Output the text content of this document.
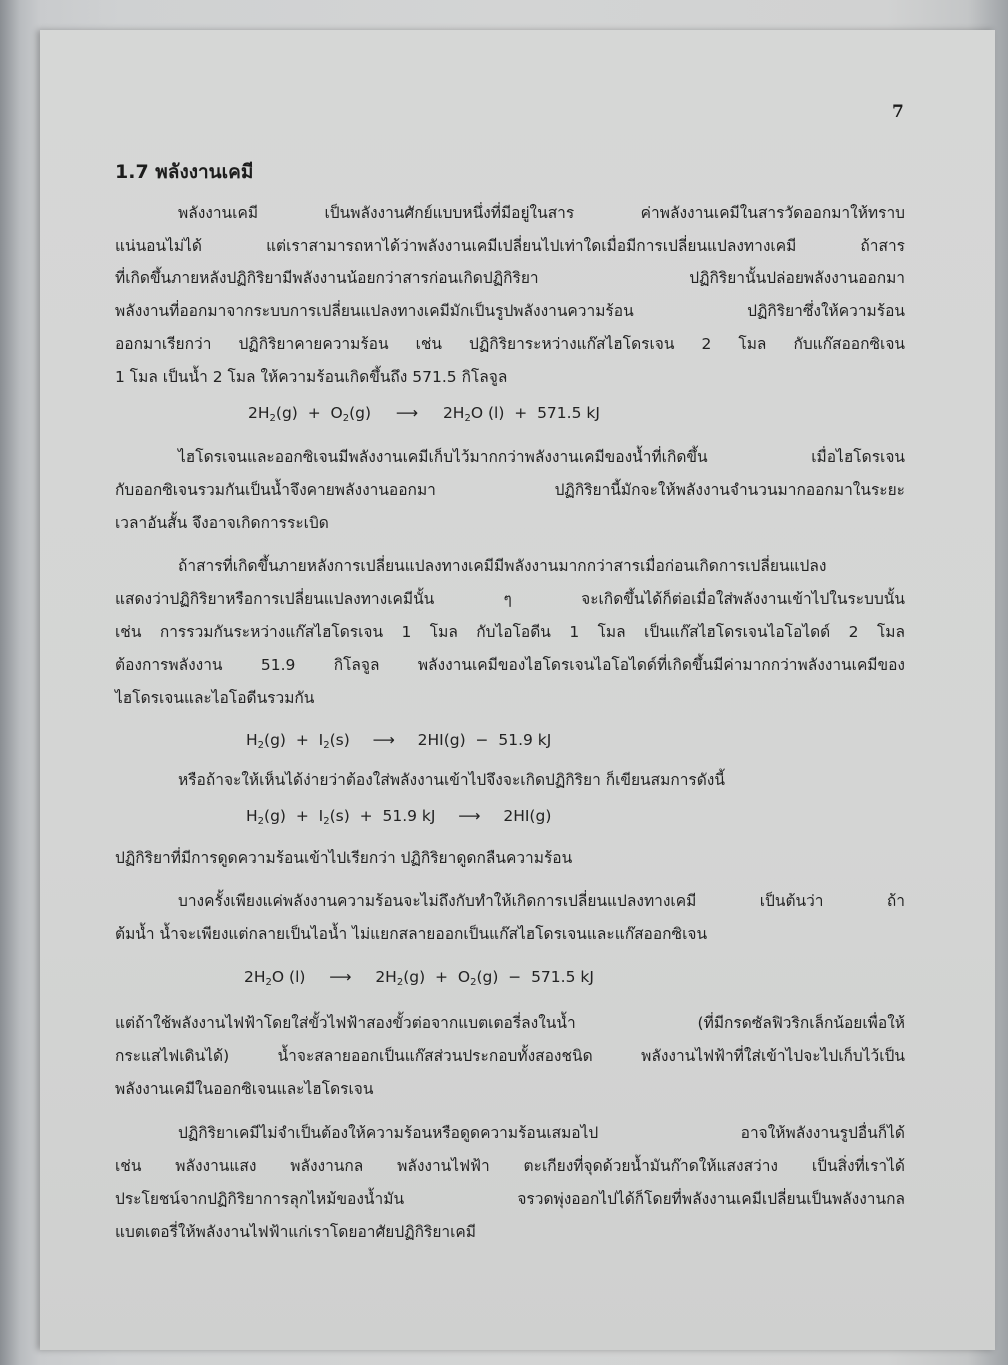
7
1.7 พลังงานเคมี

พลังงานเคมี เป็นพลังงานศักย์แบบหนึ่งที่มีอยู่ในสาร ค่าพลังงานเคมีในสารวัดออกมาให้ทราบ

แน่นอนไม่ได้ แต่เราสามารถหาได้ว่าพลังงานเคมีเปลี่ยนไปเท่าใดเมื่อมีการเปลี่ยนแปลงทางเคมี ถ้าสาร

ที่เกิดขึ้นภายหลังปฏิกิริยามีพลังงานน้อยกว่าสารก่อนเกิดปฏิกิริยา ปฏิกิริยานั้นปล่อยพลังงานออกมา

พลังงานที่ออกมาจากระบบการเปลี่ยนแปลงทางเคมีมักเป็นรูปพลังงานความร้อน ปฏิกิริยาซึ่งให้ความร้อน

ออกมาเรียกว่า ปฏิกิริยาคายความร้อน เช่น ปฏิกิริยาระหว่างแก๊สไฮโดรเจน 2 โมล กับแก๊สออกซิเจน

1 โมล เป็นน้ำ 2 โมล ให้ความร้อนเกิดขึ้นถึง 571.5 กิโลจูล

$2H_2(g) + O_2(g)$ ⟶ $2H_2O$ (l)  +  571.5 kJ

ไฮโดรเจนและออกซิเจนมีพลังงานเคมีเก็บไว้มากกว่าพลังงานเคมีของน้ำที่เกิดขึ้น เมื่อไฮโดรเจน

กับออกซิเจนรวมกันเป็นน้ำจึงคายพลังงานออกมา ปฏิกิริยานี้มักจะให้พลังงานจำนวนมากออกมาในระยะ

เวลาอันสั้น จึงอาจเกิดการระเบิด

ถ้าสารที่เกิดขึ้นภายหลังการเปลี่ยนแปลงทางเคมีมีพลังงานมากกว่าสารเมื่อก่อนเกิดการเปลี่ยนแปลง

แสดงว่าปฏิกิริยาหรือการเปลี่ยนแปลงทางเคมีนั้น ๆ จะเกิดขึ้นได้ก็ต่อเมื่อใส่พลังงานเข้าไปในระบบนั้น

เช่น การรวมกันระหว่างแก๊สไฮโดรเจน 1 โมล กับไอโอดีน 1 โมล เป็นแก๊สไฮโดรเจนไอโอไดด์ 2 โมล

ต้องการพลังงาน 51.9 กิโลจูล พลังงานเคมีของไฮโดรเจนไอโอไดด์ที่เกิดขึ้นมีค่ามากกว่าพลังงานเคมีของ

ไฮโดรเจนและไอโอดีนรวมกัน

$H_2(g) + I_2(s)$ ⟶ 2HI(g)  −  51.9 kJ

หรือถ้าจะให้เห็นได้ง่ายว่าต้องใส่พลังงานเข้าไปจึงจะเกิดปฏิกิริยา ก็เขียนสมการดังนี้

$H_2(g) + I_2(s) + 51.9$ kJ ⟶ 2HI(g)

ปฏิกิริยาที่มีการดูดความร้อนเข้าไปเรียกว่า ปฏิกิริยาดูดกลืนความร้อน

บางครั้งเพียงแค่พลังงานความร้อนจะไม่ถึงกับทำให้เกิดการเปลี่ยนแปลงทางเคมี เป็นต้นว่า ถ้า

ต้มน้ำ น้ำจะเพียงแต่กลายเป็นไอน้ำ ไม่แยกสลายออกเป็นแก๊สไฮโดรเจนและแก๊สออกซิเจน

$2H_2O$ (l) ⟶ $2H_2(g) + O_2(g) - 571.5$ kJ

แต่ถ้าใช้พลังงานไฟฟ้าโดยใส่ขั้วไฟฟ้าสองขั้วต่อจากแบตเตอรี่ลงในน้ำ (ที่มีกรดซัลฟิวริกเล็กน้อยเพื่อให้

กระแสไฟเดินได้) น้ำจะสลายออกเป็นแก๊สส่วนประกอบทั้งสองชนิด พลังงานไฟฟ้าที่ใส่เข้าไปจะไปเก็บไว้เป็น

พลังงานเคมีในออกซิเจนและไฮโดรเจน

ปฏิกิริยาเคมีไม่จำเป็นต้องให้ความร้อนหรือดูดความร้อนเสมอไป อาจให้พลังงานรูปอื่นก็ได้

เช่น พลังงานแสง พลังงานกล พลังงานไฟฟ้า ตะเกียงที่จุดด้วยน้ำมันก๊าดให้แสงสว่าง เป็นสิ่งที่เราได้

ประโยชน์จากปฏิกิริยาการลุกไหม้ของน้ำมัน จรวดพุ่งออกไปได้ก็โดยที่พลังงานเคมีเปลี่ยนเป็นพลังงานกล

แบตเตอรี่ให้พลังงานไฟฟ้าแก่เราโดยอาศัยปฏิกิริยาเคมี
